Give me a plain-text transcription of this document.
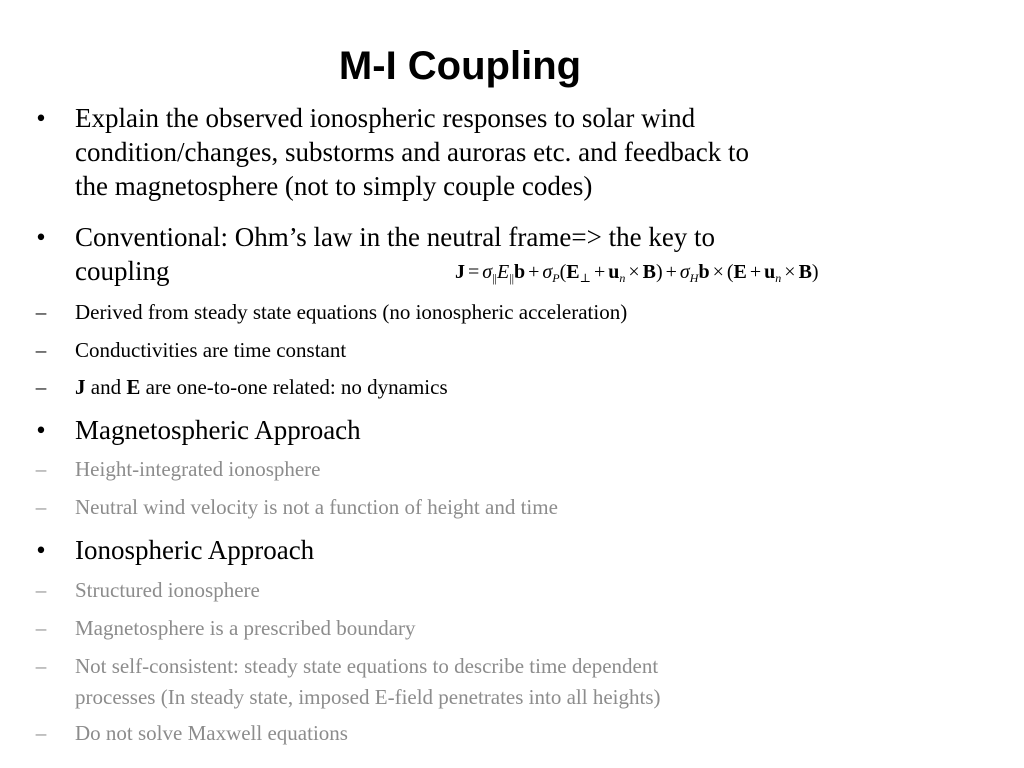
M-I Coupling
• Explain the observed ionospheric responses to solar wind
condition/changes, substorms and auroras etc. and feedback to
the magnetosphere (not to simply couple codes)
• Conventional: Ohm’s law in the neutral frame=> the key to
coupling	$J = \sigma_{||}E_{||}b + \sigma_P(E_\perp + u_n \times B) + \sigma_Hb \times (E + u_n \times B)$
– Derived from steady state equations (no ionospheric acceleration)
– Conductivities are time constant
– J and E are one-to-one related: no dynamics
• Magnetospheric Approach
– Height-integrated ionosphere
– Neutral wind velocity is not a function of height and time
• Ionospheric Approach
– Structured ionosphere
– Magnetosphere is a prescribed boundary
– Not self-consistent: steady state equations to describe time dependent
processes (In steady state, imposed E-field penetrates into all heights)
– Do not solve Maxwell equations
